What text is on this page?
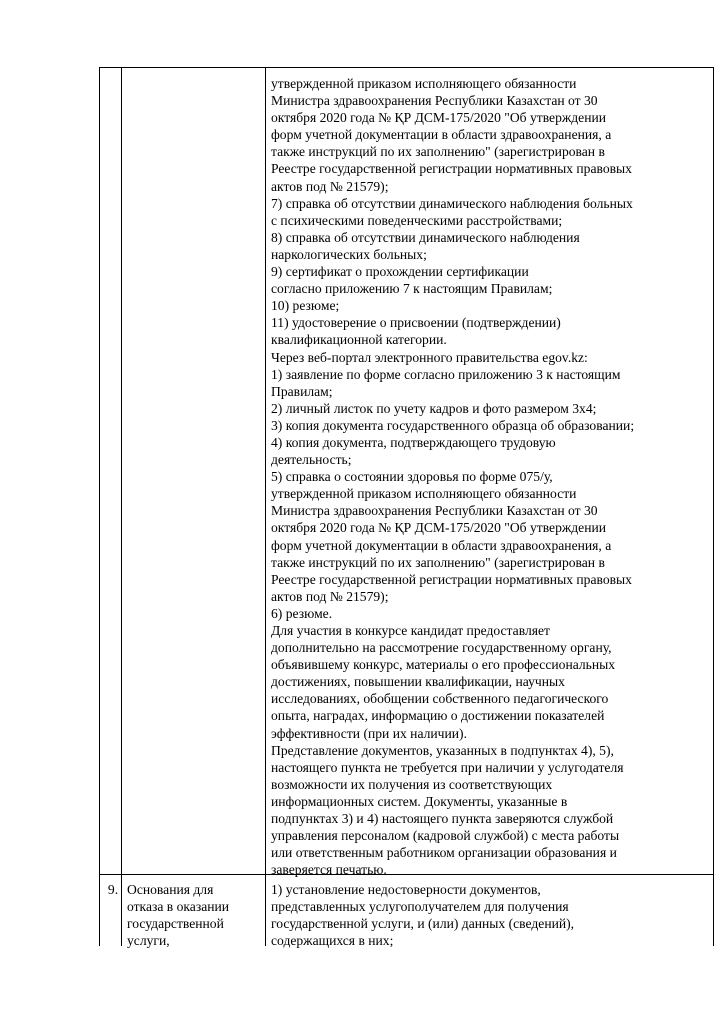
утвержденной приказом исполняющего обязанности
Министра здравоохранения Республики Казахстан от 30
октября 2020 года № ҚР ДСМ-175/2020 "Об утверждении
форм учетной документации в области здравоохранения, а
также инструкций по их заполнению" (зарегистрирован в
Реестре государственной регистрации нормативных правовых
актов под № 21579);
7) справка об отсутствии динамического наблюдения больных
с психическими поведенческими расстройствами;
8) справка об отсутствии динамического наблюдения
наркологических больных;
9) сертификат о прохождении сертификации
согласно приложению 7 к настоящим Правилам;
10) резюме;
11) удостоверение о присвоении (подтверждении)
квалификационной категории.
Через веб-портал электронного правительства egov.kz:
1) заявление по форме согласно приложению 3 к настоящим
Правилам;
2) личный листок по учету кадров и фото размером 3х4;
3) копия документа государственного образца об образовании;
4) копия документа, подтверждающего трудовую
деятельность;
5) справка о состоянии здоровья по форме 075/у,
утвержденной приказом исполняющего обязанности
Министра здравоохранения Республики Казахстан от 30
октября 2020 года № ҚР ДСМ-175/2020 "Об утверждении
форм учетной документации в области здравоохранения, а
также инструкций по их заполнению" (зарегистрирован в
Реестре государственной регистрации нормативных правовых
актов под № 21579);
6) резюме.
Для участия в конкурсе кандидат предоставляет
дополнительно на рассмотрение государственному органу,
объявившему конкурс, материалы о его профессиональных
достижениях, повышении квалификации, научных
исследованиях, обобщении собственного педагогического
опыта, наградах, информацию о достижении показателей
эффективности (при их наличии).
Представление документов, указанных в подпунктах 4), 5),
настоящего пункта не требуется при наличии у услугодателя
возможности их получения из соответствующих
информационных систем. Документы, указанные в
подпунктах 3) и 4) настоящего пункта заверяются службой
управления персоналом (кадровой службой) с места работы
или ответственным работником организации образования и
заверяется печатью.
9. Основания для
отказа в оказании
государственной
услуги,
1) установление недостоверности документов,
представленных услугополучателем для получения
государственной услуги, и (или) данных (сведений),
содержащихся в них;
